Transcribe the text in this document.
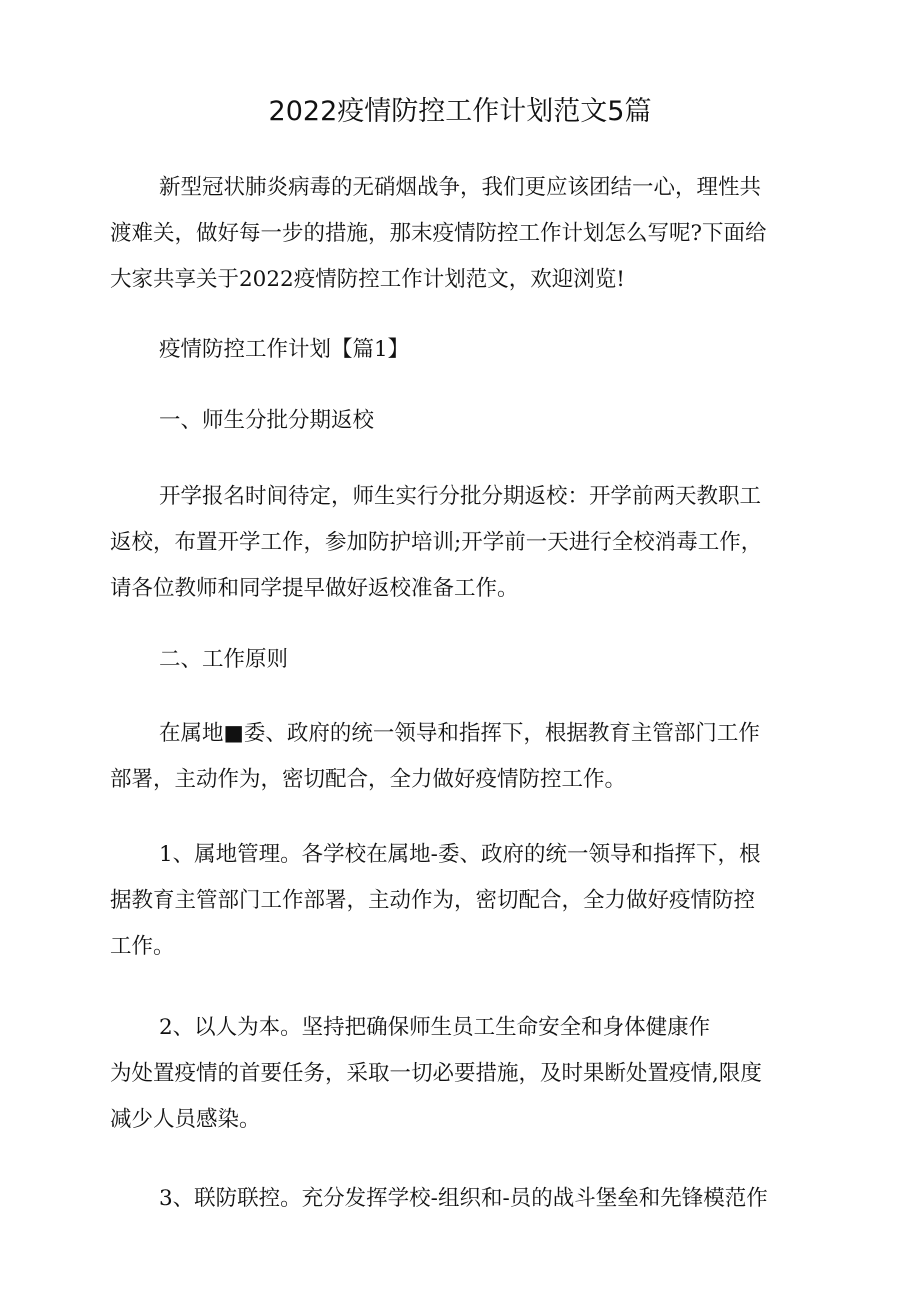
2022疫情防控工作计划范文5篇
新型冠状肺炎病毒的无硝烟战争，我们更应该团结一心，理性共
渡难关，做好每一步的措施，那末疫情防控工作计划怎么写呢?下面给
大家共享关于2022疫情防控工作计划范文，欢迎浏览!

疫情防控工作计划【篇1】

一、师生分批分期返校

开学报名时间待定，师生实行分批分期返校：开学前两天教职工
返校，布置开学工作，参加防护培训;开学前一天进行全校消毒工作，
请各位教师和同学提早做好返校准备工作。

二、工作原则

在属地■委、政府的统一领导和指挥下，根据教育主管部门工作
部署，主动作为，密切配合，全力做好疫情防控工作。
1、属地管理。各学校在属地-委、政府的统一领导和指挥下，根
据教育主管部门工作部署，主动作为，密切配合，全力做好疫情防控
工作。
2、以人为本。坚持把确保师生员工生命安全和身体健康作
为处置疫情的首要任务，采取一切必要措施，及时果断处置疫情,限度
减少人员感染。
3、联防联控。充分发挥学校-组织和-员的战斗堡垒和先锋模范作
